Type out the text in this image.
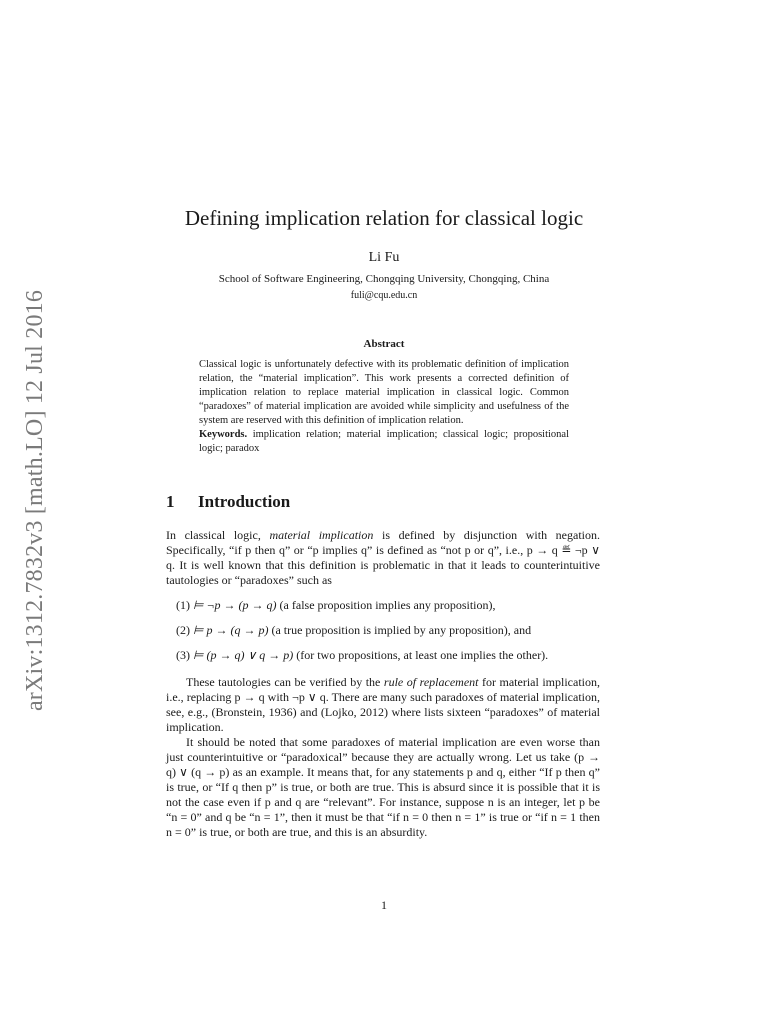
arXiv:1312.7832v3 [math.LO] 12 Jul 2016
Defining implication relation for classical logic
Li Fu
School of Software Engineering, Chongqing University, Chongqing, China
fuli@cqu.edu.cn
Abstract

Classical logic is unfortunately defective with its problematic definition of implication relation, the “material implication”. This work presents a corrected definition of implication relation to replace material implication in classical logic. Common “paradoxes” of material implication are avoided while simplicity and usefulness of the system are reserved with this definition of implication relation.

Keywords. implication relation; material implication; classical logic; propositional logic; paradox

1 Introduction

In classical logic, material implication is defined by disjunction with negation. Specifically, “if p then q” or “p implies q” is defined as “not p or q”, i.e., p → q ≝ ¬p ∨ q. It is well known that this definition is problematic in that it leads to counterintuitive tautologies or “paradoxes” such as

(1) ⊨ ¬p → (p → q) (a false proposition implies any proposition),
(2) ⊨ p → (q → p) (a true proposition is implied by any proposition), and
(3) ⊨ (p → q) ∨ q → p) (for two propositions, at least one implies the other).

These tautologies can be verified by the rule of replacement for material implication, i.e., replacing p → q with ¬p ∨ q. There are many such paradoxes of material implication, see, e.g., (Bronstein, 1936) and (Lojko, 2012) where lists sixteen “paradoxes” of material implication.

It should be noted that some paradoxes of material implication are even worse than just counterintuitive or “paradoxical” because they are actually wrong. Let us take (p → q) ∨ (q → p) as an example. It means that, for any statements p and q, either “If p then q” is true, or “If q then p” is true, or both are true. This is absurd since it is possible that it is not the case even if p and q are “relevant”. For instance, suppose n is an integer, let p be “n = 0” and q be “n = 1”, then it must be that “if n = 0 then n = 1” is true or “if n = 1 then n = 0” is true, or both are true, and this is an absurdity.

1
